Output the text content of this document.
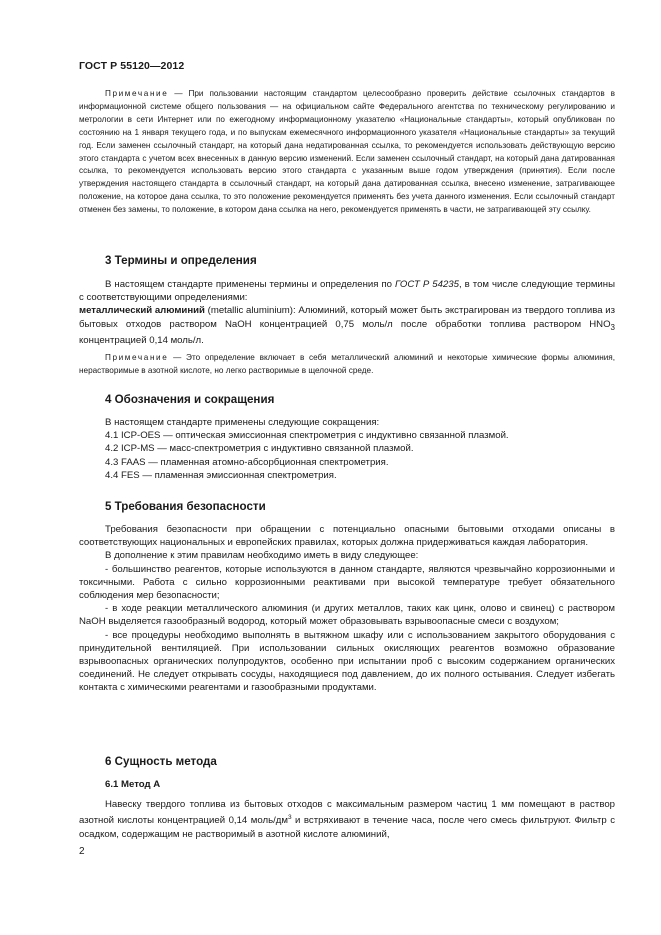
ГОСТ Р 55120—2012

Примечание — При пользовании настоящим стандартом целесообразно проверить действие ссылочных стандартов в информационной системе общего пользования — на официальном сайте Федерального агентства по техническому регулированию и метрологии в сети Интернет или по ежегодному информационному указателю «Национальные стандарты», который опубликован по состоянию на 1 января текущего года, и по выпускам ежемесячного информационного указателя «Национальные стандарты» за текущий год. Если заменен ссылочный стандарт, на который дана недатированная ссылка, то рекомендуется использовать действующую версию этого стандарта с учетом всех внесенных в данную версию изменений. Если заменен ссылочный стандарт, на который дана датированная ссылка, то рекомендуется использовать версию этого стандарта с указанным выше годом утверждения (принятия). Если после утверждения настоящего стандарта в ссылочный стандарт, на который дана датированная ссылка, внесено изменение, затрагивающее положение, на которое дана ссылка, то это положение рекомендуется применять без учета данного изменения. Если ссылочный стандарт отменен без замены, то положение, в котором дана ссылка на него, рекомендуется применять в части, не затрагивающей эту ссылку.

3 Термины и определения

В настоящем стандарте применены термины и определения по ГОСТ Р 54235, в том числе следующие термины с соответствующими определениями:

металлический алюминий (metallic aluminium): Алюминий, который может быть экстрагирован из твердого топлива из бытовых отходов раствором NaOH концентрацией 0,75 моль/л после обработки топлива раствором $HNO_3$ концентрацией 0,14 моль/л.

Примечание — Это определение включает в себя металлический алюминий и некоторые химические формы алюминия, нерастворимые в азотной кислоте, но легко растворимые в щелочной среде.

4 Обозначения и сокращения

В настоящем стандарте применены следующие сокращения:

4.1 ICP-OES — оптическая эмиссионная спектрометрия с индуктивно связанной плазмой.

4.2 ICP-MS — масс-спектрометрия с индуктивно связанной плазмой.

4.3 FAAS — пламенная атомно-абсорбционная спектрометрия.

4.4 FES — пламенная эмиссионная спектрометрия.

5 Требования безопасности

Требования безопасности при обращении с потенциально опасными бытовыми отходами описаны в соответствующих национальных и европейских правилах, которых должна придерживаться каждая лаборатория.

В дополнение к этим правилам необходимо иметь в виду следующее:

- большинство реагентов, которые используются в данном стандарте, являются чрезвычайно коррозионными и токсичными. Работа с сильно коррозионными реактивами при высокой температуре требует обязательного соблюдения мер безопасности;

- в ходе реакции металлического алюминия (и других металлов, таких как цинк, олово и свинец) с раствором NaOH выделяется газообразный водород, который может образовывать взрывоопасные смеси с воздухом;

- все процедуры необходимо выполнять в вытяжном шкафу или с использованием закрытого оборудования с принудительной вентиляцией. При использовании сильных окисляющих реагентов возможно образование взрывоопасных органических полупродуктов, особенно при испытании проб с высоким содержанием органических соединений. Не следует открывать сосуды, находящиеся под давлением, до их полного остывания. Следует избегать контакта с химическими реагентами и газообразными продуктами.

6 Сущность метода
6.1 Метод А

Навеску твердого топлива из бытовых отходов с максимальным размером частиц 1 мм помещают в раствор азотной кислоты концентрацией 0,14 моль/$дм^3$ и встряхивают в течение часа, после чего смесь фильтруют. Фильтр с осадком, содержащим не растворимый в азотной кислоте алюминий,

2
